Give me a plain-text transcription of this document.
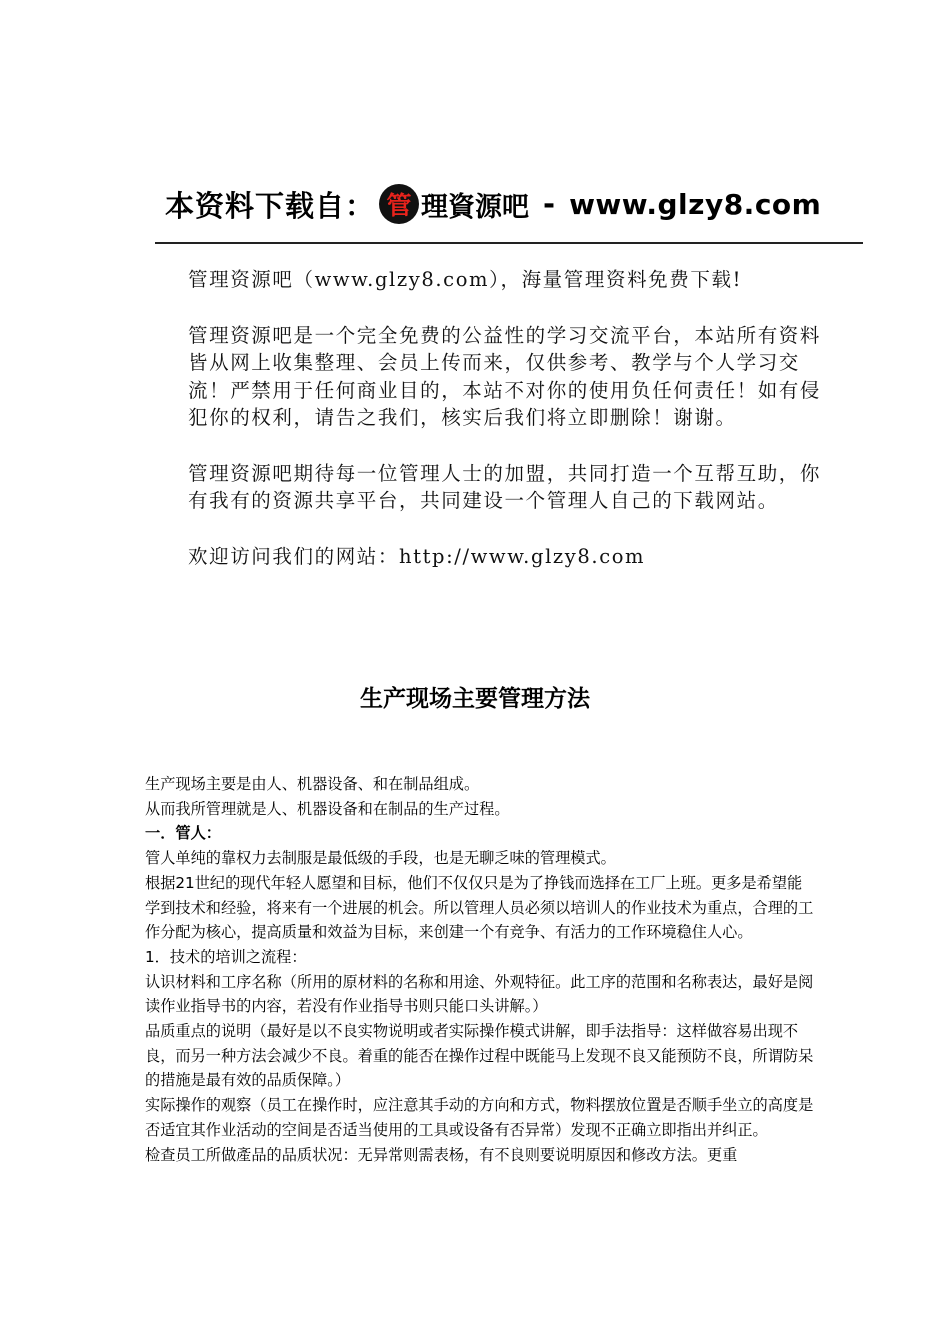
本资料下载自： 管 理資源吧 - www.glzy8.com

管理资源吧（www.glzy8.com），海量管理资料免费下载!

管理资源吧是一个完全免费的公益性的学习交流平台，本站所有资料皆从网上收集整理、会员上传而来，仅供参考、教学与个人学习交流！严禁用于任何商业目的，本站不对你的使用负任何责任！如有侵犯你的权利，请告之我们，核实后我们将立即删除！谢谢。

管理资源吧期待每一位管理人士的加盟，共同打造一个互帮互助，你有我有的资源共享平台，共同建设一个管理人自己的下载网站。

欢迎访问我们的网站：http://www.glzy8.com

生产现场主要管理方法

生产现场主要是由人、机器设备、和在制品组成。

从而我所管理就是人、机器设备和在制品的生产过程。

一．管人：

管人单纯的靠权力去制服是最低级的手段，也是无聊乏味的管理模式。

根据21世纪的现代年轻人愿望和目标，他们不仅仅只是为了挣钱而选择在工厂上班。更多是希望能学到技术和经验，将来有一个进展的机会。所以管理人员必须以培训人的作业技术为重点，合理的工作分配为核心，提高质量和效益为目标，来创建一个有竞争、有活力的工作环境稳住人心。

1．技术的培训之流程：

认识材料和工序名称（所用的原材料的名称和用途、外观特征。此工序的范围和名称表达，最好是阅读作业指导书的内容，若没有作业指导书则只能口头讲解。）

品质重点的说明（最好是以不良实物说明或者实际操作模式讲解，即手法指导：这样做容易出现不良，而另一种方法会减少不良。着重的能否在操作过程中既能马上发现不良又能预防不良，所谓防呆的措施是最有效的品质保障。）

实际操作的观察（员工在操作时，应注意其手动的方向和方式，物料摆放位置是否顺手坐立的高度是否适宜其作业活动的空间是否适当使用的工具或设备有否异常）发现不正确立即指出并纠正。

检查员工所做產品的品质状况：无异常则需表杨，有不良则要说明原因和修改方法。更重
